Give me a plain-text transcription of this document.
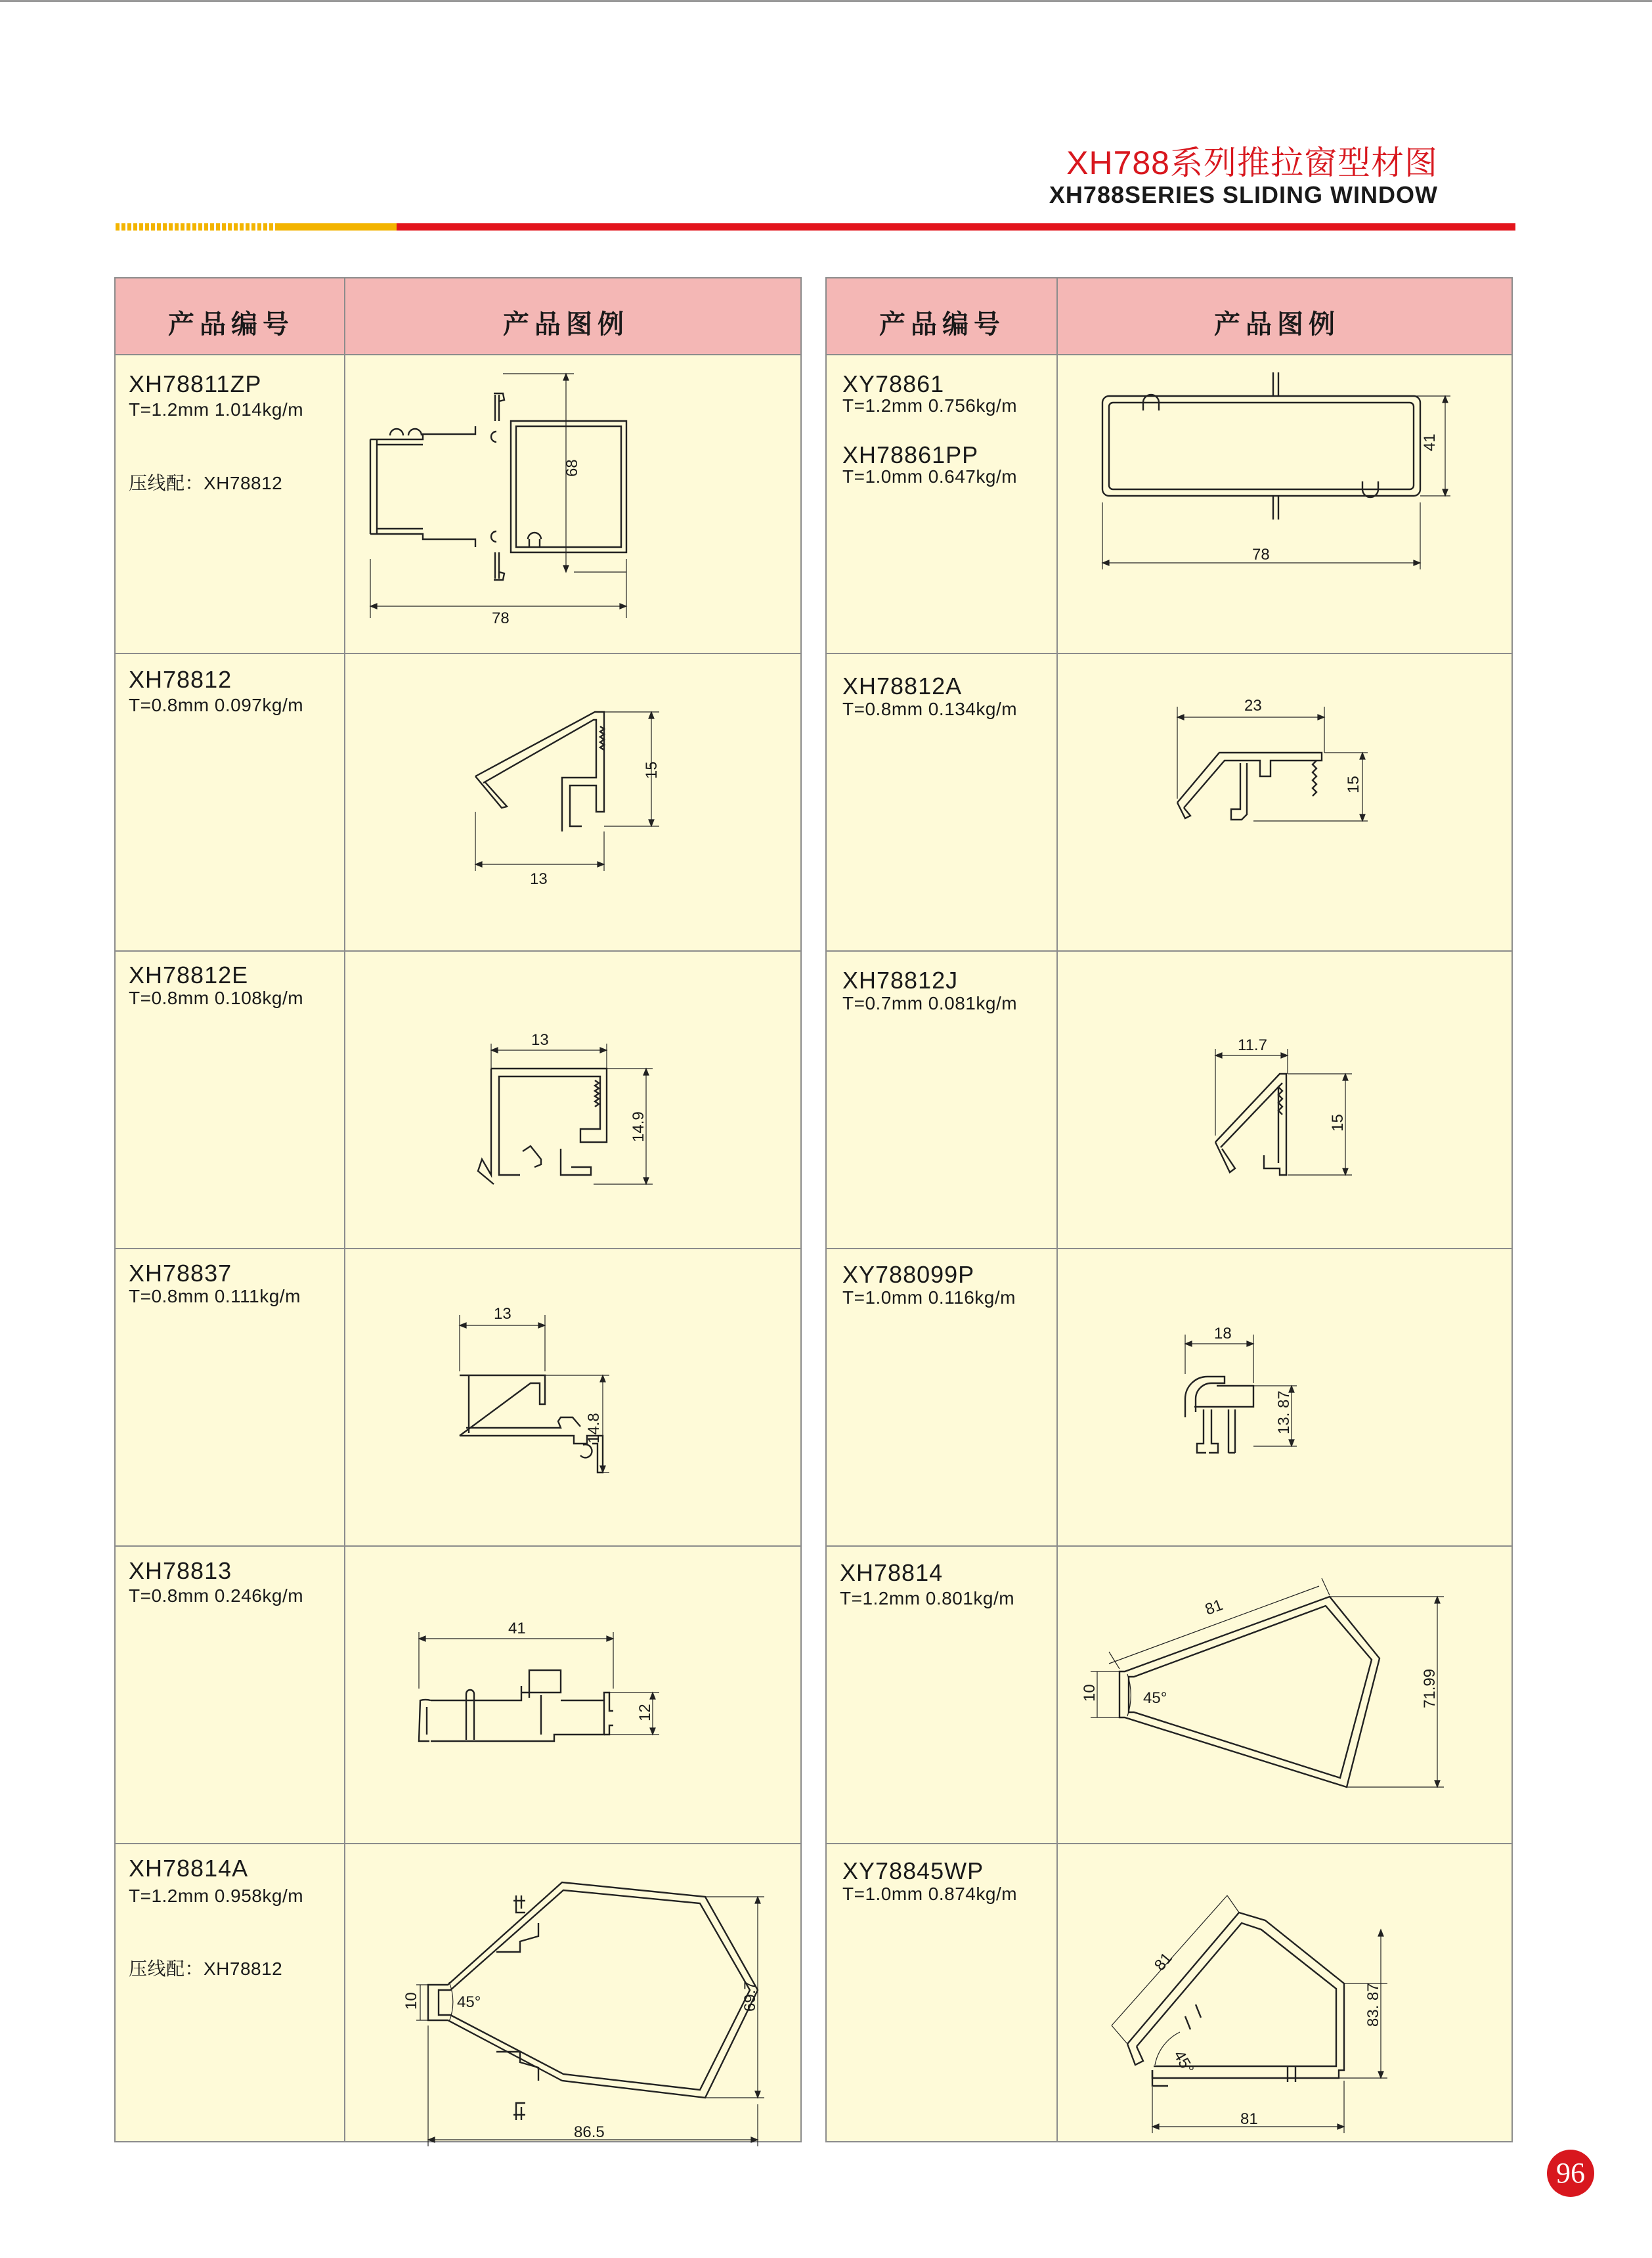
XH788系列推拉窗型材图
XH788SERIES SLIDING WINDOW
产品编号	产品图例
XH78811ZP
T=1.2mm 1.014kg/m
压线配：XH78812
68
78
XH78812
T=0.8mm 0.097kg/m
15
13
XH78812E
T=0.8mm 0.108kg/m
13
14.9
XH78837
T=0.8mm 0.111kg/m
13
14.8
XH78813
T=0.8mm 0.246kg/m
41
12
XH78814A
T=1.2mm 0.958kg/m
压线配：XH78812
10 45°	69.7
86.5
产品编号	产品图例
XY78861
T=1.2mm 0.756kg/m
XH78861PP
T=1.0mm 0.647kg/m
41
78
XH78812A
T=0.8mm 0.134kg/m	23
15
XH78812J
T=0.7mm 0.081kg/m
11.7
15
XY788099P
T=1.0mm 0.116kg/m
18
13. 87
XH78814
T=1.2mm 0.801kg/m
10
81
45°	71.99
XY78845WP
T=1.0mm 0.874kg/m
81
45°
83. 87
81
96
